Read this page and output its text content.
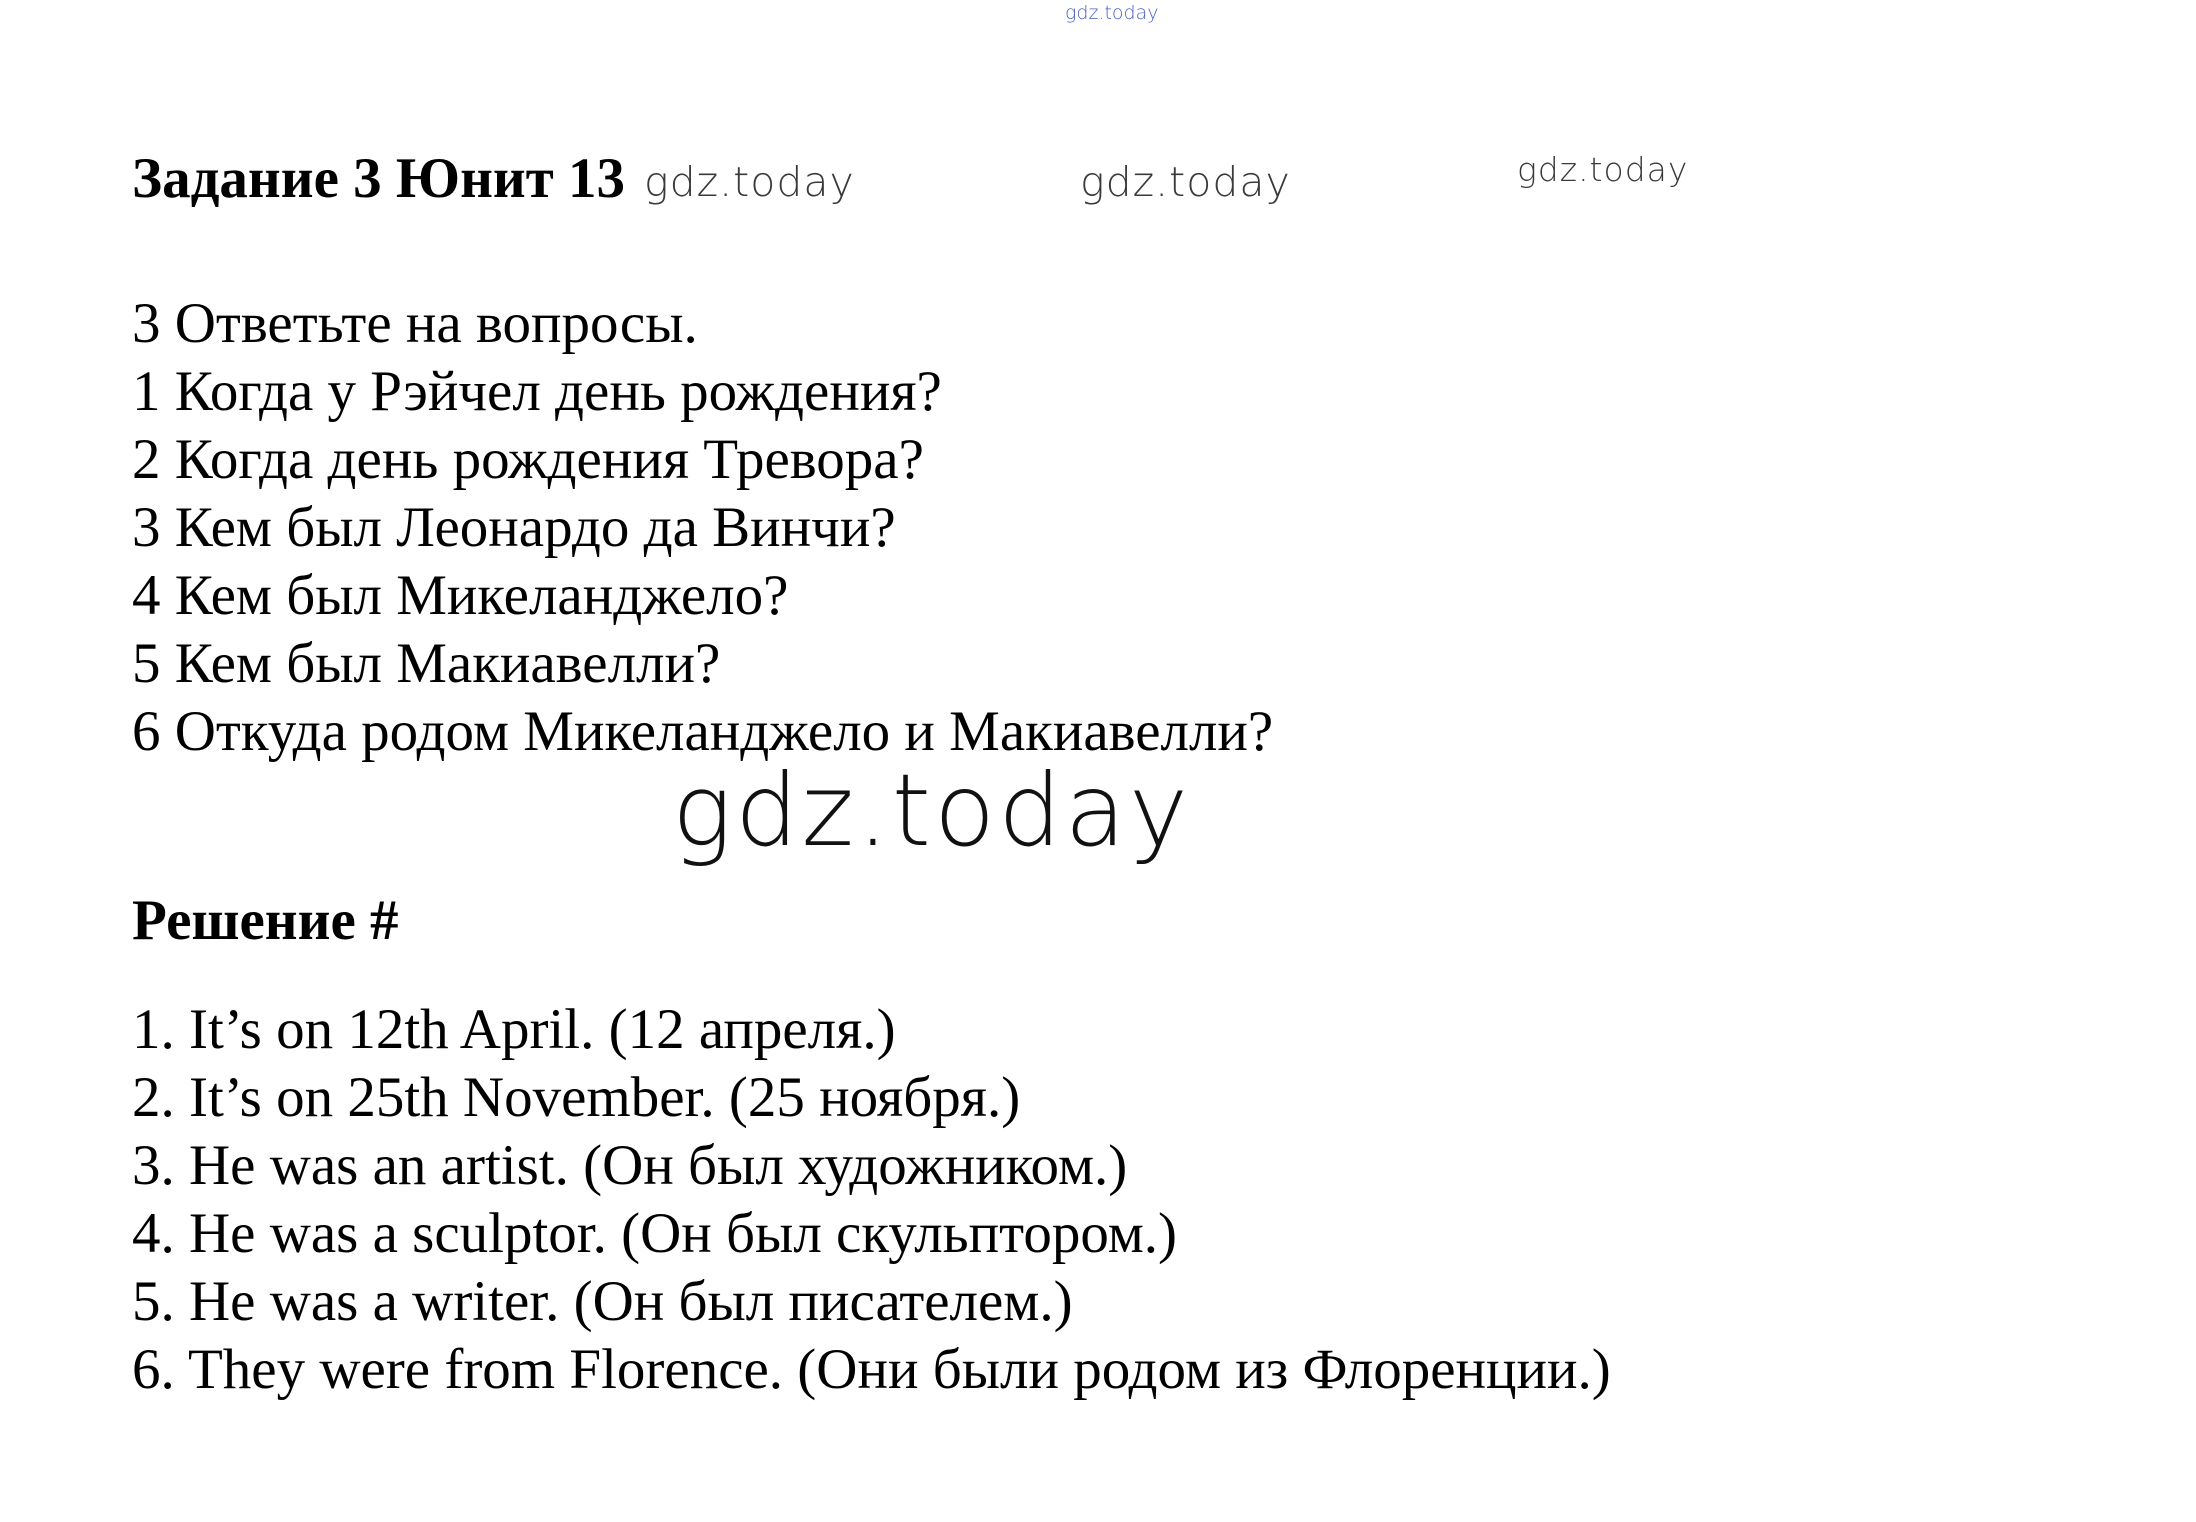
gdz.today
Задание 3 Юнит 13 gdz.today	gdz.today	gdz.today
3 Ответьте на вопросы.
1 Когда у Рэйчел день рождения?
2 Когда день рождения Тревора?
3 Кем был Леонардо да Винчи?
4 Кем был Микеланджело?
5 Кем был Макиавелли?
6 Откуда родом Микеланджело и Макиавелли?
gdz.today
Решение #
1. It’s on 12th April. (12 апреля.)
2. It’s on 25th November. (25 ноября.)
3. He was an artist. (Он был художником.)
4. He was a sculptor. (Он был скульптором.)
5. He was a writer. (Он был писателем.)
6. They were from Florence. (Они были родом из Флоренции.)
